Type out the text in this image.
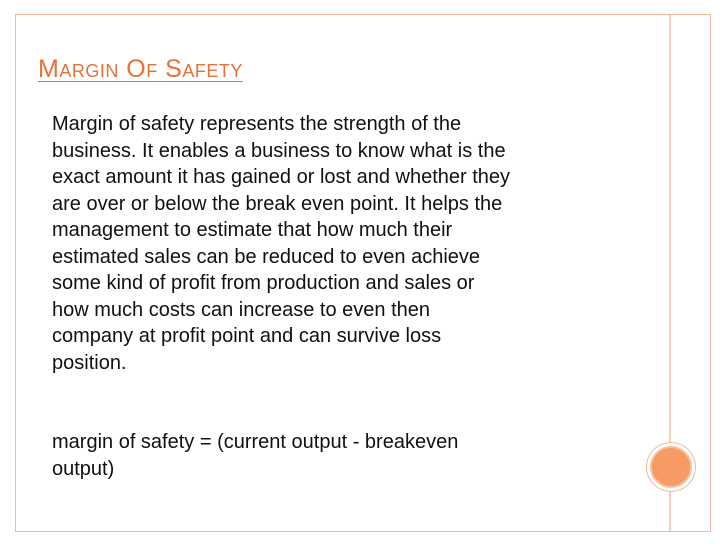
Margin Of Safety

Margin of safety represents the strength of the
business. It enables a business to know what is the
exact amount it has gained or lost and whether they
are over or below the break even point. It helps the
management to estimate that how much their
estimated sales can be reduced to even achieve
some kind of profit from production and sales or
how much costs can increase to even then
company at profit point and can survive loss
position.

margin of safety = (current output - breakeven
output)
